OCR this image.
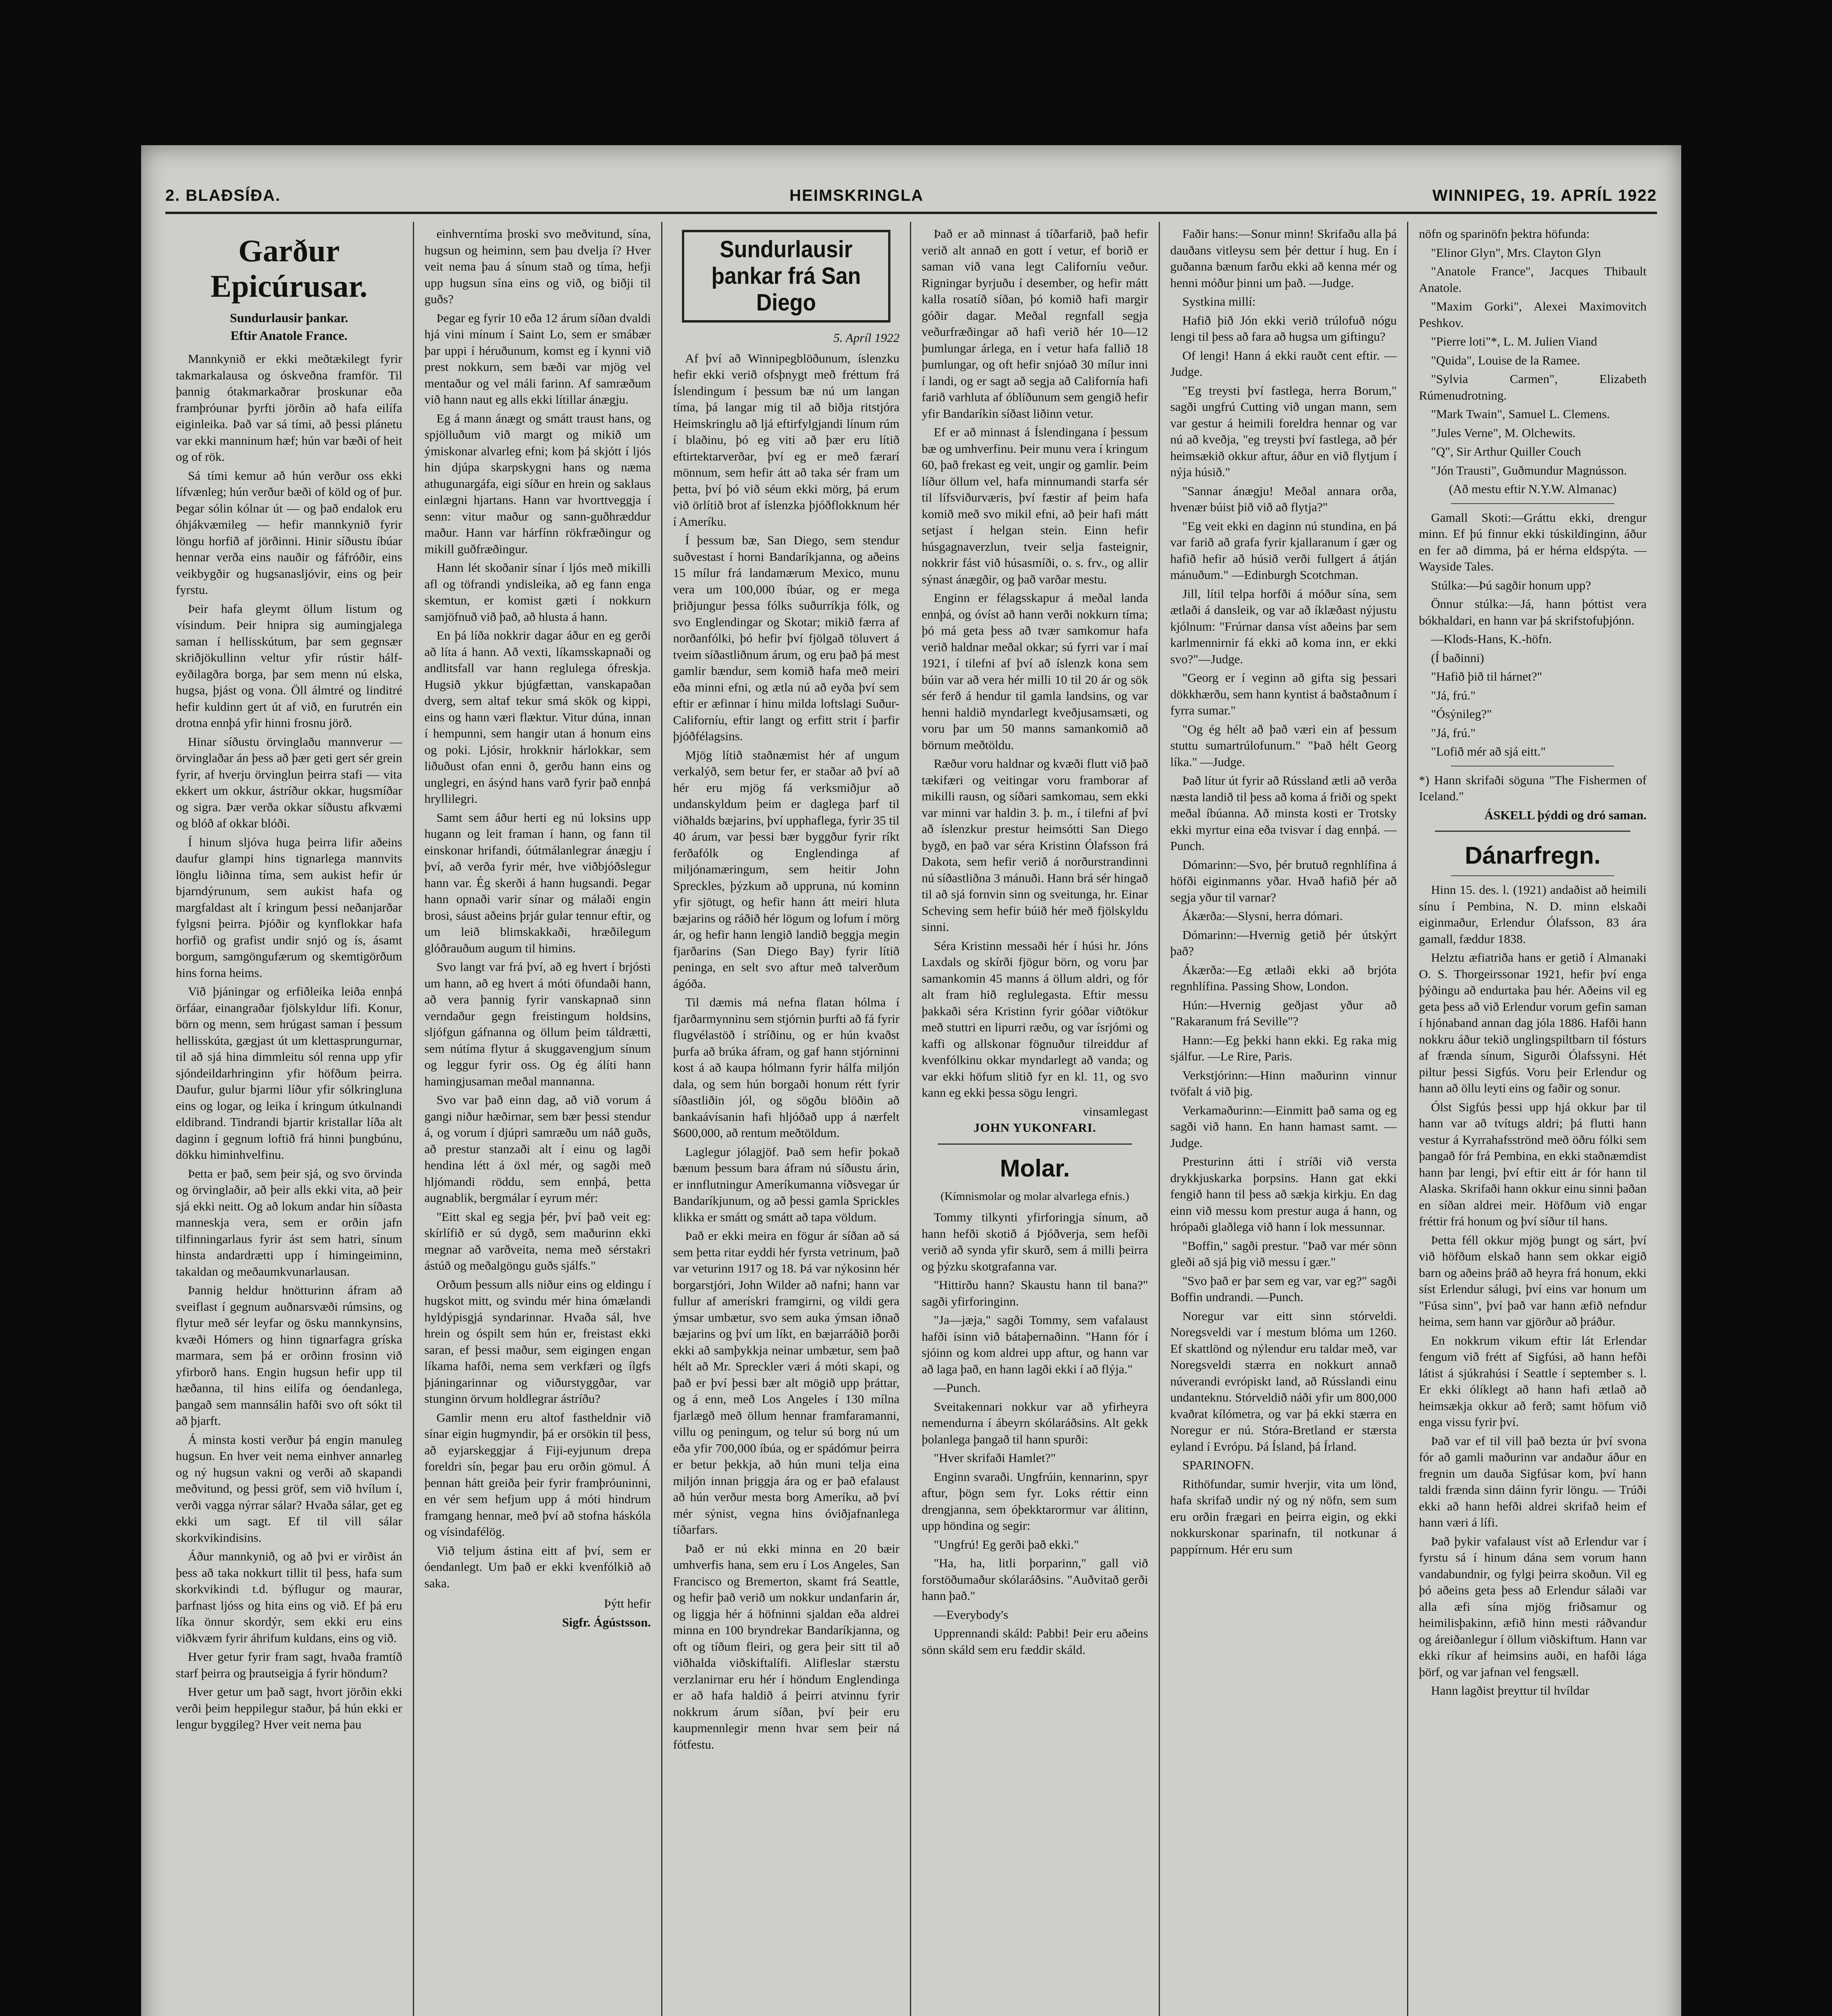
2. BLAÐSÍÐA.	HEIMSKRINGLA	WINNIPEG, 19. APRÍL 1922
Garður Epicúrusar.
Sundurlausir þankar.
Eftir Anatole France.

Mannkynið er ekki meðtækilegt fyrir takmarkalausa og óskveðna framför. Til þannig ótakmarkaðrar þroskunar eða framþróunar þyrfti jörðin að hafa eilífa eiginleika. Það var sá tími, að þessi plánetu var ekki manninum hæf; hún var bæði of heit og of rök.

Sá tími kemur að hún verður oss ekki lífvænleg; hún verður bæði of köld og of þur. Þegar sólin kólnar út — og það endalok eru óhjákvæmileg — hefir mannkynið fyrir löngu horfið af jörðinni. Hinir síðustu íbúar hennar verða eins nauðir og fáfróðir, eins veikbygðir og hugsanasljóvir, eins og þeir fyrstu.

Þeir hafa gleymt öllum listum og vísindum. Þeir hnipra sig aumingjalega saman í hellisskútum, þar sem gegnsær skriðjökullinn veltur yfir rústir hálf-eyðilagðra borga, þar sem menn nú elska, hugsa, þjást og vona. Öll álmtré og linditré hefir kuldinn gert út af við, en furutrén ein drotna ennþá yfir hinni frosnu jörð.

Hinar síðustu örvinglaðu mannverur — örvinglaðar án þess að þær geti gert sér grein fyrir, af hverju örvinglun þeirra stafi — vita ekkert um okkur, ástríður okkar, hugsmíðar og sigra. Þær verða okkar síðustu afkvæmi og blóð af okkar blóði.

Í hinum sljóva huga þeirra lifir aðeins daufur glampi hins tignarlega mannvits lönglu liðinna tíma, sem aukist hefir úr bjarndýrunum, sem aukist hafa og margfaldast alt í kringum þessi neðanjarðar fylgsni þeirra. Þjóðir og kynflokkar hafa horfið og grafist undir snjó og ís, ásamt borgum, samgöngufærum og skemtigörðum hins forna heims.

Við þjáningar og erfiðleika leiða ennþá örfáar, einangraðar fjölskyldur lífi. Konur, börn og menn, sem hrúgast saman í þessum hellisskúta, gægjast út um klettasprungurnar, til að sjá hina dimmleitu sól renna upp yfir sjóndeildarhringinn yfir höfðum þeirra. Daufur, gulur bjarmi líður yfir sólkringluna eins og logar, og leika í kringum útkulnandi eldibrand. Tindrandi bjartir kristallar líða alt daginn í gegnum loftið frá hinni þungbúnu, dökku himinhvelfinu.

Þetta er það, sem þeir sjá, og svo örvinda og örvinglaðir, að þeir alls ekki vita, að þeir sjá ekki neitt. Og að lokum andar hin síðasta manneskja vera, sem er orðin jafn tilfinningarlaus fyrir ást sem hatri, sínum hinsta andardrætti upp í himingeiminn, takaldan og meðaumkvunarlausan.

Þannig heldur hnötturinn áfram að sveiflast í gegnum auðnarsvæði rúmsins, og flytur með sér leyfar og ösku mannkynsins, kvæði Hómers og hinn tignarfagra gríska marmara, sem þá er orðinn frosinn við yfirborð hans. Engin hugsun hefir upp til hæðanna, til hins eilífa og óendanlega, þangað sem mannsálin hafði svo oft sókt til að þjarft.

Á minsta kosti verður þá engin manuleg hugsun. En hver veit nema einhver annarleg og ný hugsun vakni og verði að skapandi meðvitund, og þessi gröf, sem við hvílum í, verði vagga nýrrar sálar? Hvaða sálar, get eg ekki um sagt. Ef til vill sálar skorkvikindisins.

Áður mannkynið, og að þvi er virðist án þess að taka nokkurt tillit til þess, hafa sum skorkvikindi t.d. býflugur og maurar, þarfnast ljóss og hita eins og við. Ef þá eru líka önnur skordýr, sem ekki eru eins viðkvæm fyrir áhrifum kuldans, eins og við.

Hver getur fyrir fram sagt, hvaða framtíð starf þeirra og þrautseigja á fyrir höndum?

Hver getur um það sagt, hvort jörðin ekki verði þeim heppilegur staður, þá hún ekki er lengur byggileg? Hver veit nema þau

einhverntíma þroski svo meðvitund, sína, hugsun og heiminn, sem þau dvelja í? Hver veit nema þau á sínum stað og tíma, hefji upp hugsun sína eins og við, og biðji til guðs?

Þegar eg fyrir 10 eða 12 árum síðan dvaldi hjá vini mínum í Saint Lo, sem er smábær þar uppi í héruðunum, komst eg í kynni við prest nokkurn, sem bæði var mjög vel mentaður og vel máli farinn. Af samræðum við hann naut eg alls ekki lítillar ánægju.

Eg á mann ánægt og smátt traust hans, og spjölluðum við margt og mikið um ýmiskonar alvarleg efni; kom þá skjótt í ljós hin djúpa skarpskygni hans og næma athugunargáfa, eigi síður en hrein og saklaus einlægni hjartans. Hann var hvorttveggja í senn: vitur maður og sann-guðhræddur maður. Hann var hárfínn rökfræðingur og mikill guðfræðingur.

Hann lét skoðanir sínar í ljós með mikilli afl og töfrandi yndisleika, að eg fann enga skemtun, er komist gæti í nokkurn samjöfnuð við það, að hlusta á hann.

En þá líða nokkrir dagar áður en eg gerði að líta á hann. Að vexti, líkamsskapnaði og andlitsfall var hann reglulega ófreskja. Hugsið ykkur bjúgfættan, vanskapaðan dverg, sem altaf tekur smá skök og kippi, eins og hann væri flæktur. Vitur dúna, innan í hempunni, sem hangir utan á honum eins og poki. Ljósir, hrokknir hárlokkar, sem liðuðust ofan enni ð, gerðu hann eins og unglegri, en ásýnd hans varð fyrir það ennþá hryllilegri.

Samt sem áður herti eg nú loksins upp hugann og leit framan í hann, og fann til einskonar hrifandi, óútmálanlegrar ánægju í því, að verða fyrir mér, hve viðbjóðslegur hann var. Ég skerði á hann hugsandi. Þegar hann opnaði varir sínar og málaði engin brosi, sáust aðeins þrjár gular tennur eftir, og um leið blimskakkaði, hræðilegum glóðrauðum augum til himins.

Svo langt var frá því, að eg hvert í brjósti um hann, að eg hvert á móti öfundaði hann, að vera þannig fyrir vanskapnað sinn verndaður gegn freistingum holdsins, sljófgun gáfnanna og öllum þeim táldrætti, sem nútíma flytur á skuggavengjum sínum og leggur fyrir oss. Og ég álíti hann hamingjusaman meðal mannanna.

Svo var það einn dag, að við vorum á gangi niður hæðirnar, sem bær þessi stendur á, og vorum í djúpri samræðu um náð guðs, að prestur stanzaði alt í einu og lagði hendina létt á öxl mér, og sagði með hljómandi röddu, sem ennþá, þetta augnablik, bergmálar í eyrum mér:

"Eitt skal eg segja þér, því það veit eg: skírlífið er sú dygð, sem maðurinn ekki megnar að varðveita, nema með sérstakri ástúð og meðalgöngu guðs sjálfs."

Orðum þessum alls niður eins og eldingu í hugskot mitt, og svindu mér hina ómælandi hyldýpisgjá syndarinnar. Hvaða sál, hve hrein og óspilt sem hún er, freistast ekki saran, ef þessi maður, sem eigingen engan líkama hafði, nema sem verkfæri og ílgfs þjáningarinnar og viðurstyggðar, var stunginn örvum holdlegrar ástríðu?

Gamlir menn eru altof fastheldnir við sínar eigin hugmyndir, þá er orsökin til þess, að eyjarskeggjar á Fiji-eyjunum drepa foreldri sín, þegar þau eru orðin gömul. Á þennan hátt greiða þeir fyrir framþróuninni, en vér sem hefjum upp á móti hindrum framgang hennar, með því að stofna háskóla og vísindafélög.

Við teljum ástina eitt af því, sem er óendanlegt. Um það er ekki kvenfólkið að saka.

Þýtt hefir
Sigfr. Ágústsson.
Sundurlausir þankar frá San Diego
5. Apríl 1922

Af því að Winnipegblöðunum, íslenzku hefir ekki verið ofsþnygt með fréttum frá Íslendingum í þessum bæ nú um langan tíma, þá langar mig til að biðja ritstjóra Heimskringlu að ljá eftirfylgjandi línum rúm í blaðinu, þó eg viti að þær eru lítið eftirtektarverðar, því eg er með færarí mönnum, sem hefir átt að taka sér fram um þetta, því þó við séum ekki mörg, þá erum við örlítið brot af íslenzka þjóðflokknum hér í Ameríku.

Í þessum bæ, San Diego, sem stendur suðvestast í horni Bandaríkjanna, og aðeins 15 mílur frá landamærum Mexico, munu vera um 100,000 íbúar, og er mega þriðjungur þessa fólks suðurríkja fólk, og svo Englendingar og Skotar; mikið færra af norðanfólki, þó hefir því fjölgað töluvert á tveim síðastliðnum árum, og eru það þá mest gamlir bændur, sem komið hafa með meiri eða minni efni, og ætla nú að eyða því sem eftir er æfinnar í hinu milda loftslagi Suður-Californíu, eftir langt og erfitt strit í þarfir þjóðfélagsins.

Mjög lítið staðnæmist hér af ungum verkalýð, sem betur fer, er staðar að því að hér eru mjög fá verksmiðjur að undanskyldum þeim er daglega þarf til viðhalds bæjarins, því upphaflega, fyrir 35 til 40 árum, var þessi bær byggður fyrir ríkt ferðafólk og Englendinga af miljónamæringum, sem heitir John Spreckles, þýzkum að uppruna, nú kominn yfir sjötugt, og hefir hann átt meiri hluta bæjarins og ráðið hér lögum og lofum í mörg ár, og hefir hann lengið landið beggja megin fjarðarins (San Diego Bay) fyrir lítið peninga, en selt svo aftur með talverðum ágóða.

Til dæmis má nefna flatan hólma í fjarðarmynninu sem stjórnin þurfti að fá fyrir flugvélastöð í stríðinu, og er hún kvaðst þurfa að brúka áfram, og gaf hann stjórninni kost á að kaupa hólmann fyrir hálfa miljón dala, og sem hún borgaði honum rétt fyrir síðastliðin jól, og sögðu blöðin að bankaávísanin hafi hljóðað upp á nærfelt $600,000, að rentum meðtöldum.

Laglegur jólagjöf. Það sem hefir þokað bænum þessum bara áfram nú síðustu árin, er innflutningur Ameríkumanna víðsvegar úr Bandaríkjunum, og að þessi gamla Sprickles klikka er smátt og smátt að tapa völdum.

Það er ekki meira en fögur ár síðan að sá sem þetta ritar eyddi hér fyrsta vetrinum, það var veturinn 1917 og 18. Þá var nýkosinn hér borgarstjóri, John Wilder að nafni; hann var fullur af amerískri framgirni, og vildi gera ýmsar umbætur, svo sem auka ýmsan iðnað bæjarins og því um líkt, en bæjarráðið þorði ekki að samþykkja neinar umbætur, sem það hélt að Mr. Spreckler væri á móti skapi, og það er því þessi bær alt mögið upp þráttar, og á enn, með Los Angeles í 130 mílna fjarlægð með öllum hennar framfaramanni, villu og peningum, og telur sú borg nú um eða yfir 700,000 íbúa, og er spádómur þeirra er betur þekkja, að hún muni telja eina miljón innan þriggja ára og er það efalaust að hún verður mesta borg Ameríku, að því mér sýnist, vegna hins óviðjafnanlega tíðarfars.

Það er nú ekki minna en 20 bæir umhverfis hana, sem eru í Los Angeles, San Francisco og Bremerton, skamt frá Seattle, og hefir það verið um nokkur undanfarin ár, og liggja hér á höfninni sjaldan eða aldrei minna en 100 bryndrekar Bandaríkjanna, og oft og tíðum fleiri, og gera þeir sitt til að viðhalda viðskiftalífi. Alifleslar stærstu verzlanirnar eru hér í höndum Englendinga er að hafa haldið á þeirri atvinnu fyrir nokkrum árum síðan, því þeir eru kaupmennlegir menn hvar sem þeir ná fótfestu.

Það er að minnast á tíðarfarið, það hefir verið alt annað en gott í vetur, ef borið er saman við vana legt Californíu veður. Rigningar byrjuðu í desember, og hefir mátt kalla rosatíð síðan, þó komið hafi margir góðir dagar. Meðal regnfall segja veðurfræðingar að hafi verið hér 10—12 þumlungar árlega, en í vetur hafa fallið 18 þumlungar, og oft hefir snjóað 30 mílur inni í landi, og er sagt að segja að Californía hafi farið varhluta af óblíðunum sem gengið hefir yfir Bandaríkin síðast liðinn vetur.

Ef er að minnast á Íslendingana í þessum bæ og umhverfinu. Þeir munu vera í kringum 60, það frekast eg veit, ungir og gamlir. Þeim líður öllum vel, hafa minnumandi starfa sér til lífsviðurværis, því fæstir af þeim hafa komið með svo mikil efni, að þeir hafi mátt setjast í helgan stein. Einn hefir húsgagnaverzlun, tveir selja fasteignir, nokkrir fást við húsasmíði, o. s. frv., og allir sýnast ánægðir, og það varðar mestu.

Enginn er félagsskapur á meðal landa ennþá, og óvíst að hann verði nokkurn tíma; þó má geta þess að tvær samkomur hafa verið haldnar meðal okkar; sú fyrri var í maí 1921, í tilefni af því að íslenzk kona sem búin var að vera hér milli 10 til 20 ár og sök sér ferð á hendur til gamla landsins, og var henni haldið myndarlegt kveðjusamsæti, og voru þar um 50 manns samankomið að börnum meðtöldu.

Ræður voru haldnar og kvæði flutt við það tækifæri og veitingar voru framborar af mikilli rausn, og síðari samkomau, sem ekki var minni var haldin 3. þ. m., í tilefni af því að íslenzkur prestur heimsótti San Diego bygð, en það var séra Kristinn Ólafsson frá Dakota, sem hefir verið á norðurstrandinni nú síðastliðna 3 mánuði. Hann brá sér hingað til að sjá fornvin sinn og sveitunga, hr. Einar Scheving sem hefir búið hér með fjölskyldu sinni.

Séra Kristinn messaði hér í húsi hr. Jóns Laxdals og skírði fjögur börn, og voru þar samankomin 45 manns á öllum aldri, og fór alt fram hið reglulegasta. Eftir messu þakkaði séra Kristinn fyrir góðar viðtökur með stuttri en lipurri ræðu, og var ísrjómi og kaffi og allskonar fögnuður tilreiddur af kvenfólkinu okkar myndarlegt að vanda; og var ekki höfum slitið fyr en kl. 11, og svo kann eg ekki þessa sögu lengri.

vinsamlegast
JOHN YUKONFARI.
Molar.
(Kímnismolar og molar alvarlega efnis.)

Tommy tilkynti yfirforingja sínum, að hann hefði skotið á Þjóðverja, sem hefði verið að synda yfir skurð, sem á milli þeirra og þýzku skotgrafanna var.

"Hittirðu hann? Skaustu hann til bana?" sagði yfirforinginn.

"Ja—jæja," sagði Tommy, sem vafalaust hafði ísinn við bátaþernaðinn. "Hann fór í sjóinn og kom aldrei upp aftur, og hann var að laga það, en hann lagði ekki í að flýja."

—Punch.

Sveitakennari nokkur var að yfirheyra nemendurna í ábeyrn skólaráðsins. Alt gekk þolanlega þangað til hann spurði:

"Hver skrifaði Hamlet?"

Enginn svaraði. Ungfrúin, kennarinn, spyr aftur, þögn sem fyr. Loks réttir einn drengjanna, sem óþekktarormur var álitinn, upp höndina og segir:

"Ungfrú! Eg gerði það ekki."

"Ha, ha, litli þorparinn," gall við forstöðumaður skólaráðsins. "Auðvitað gerði hann það."

—Everybody's

Upprennandi skáld: Pabbi! Þeir eru aðeins sönn skáld sem eru fæddir skáld.

Faðir hans:—Sonur minn! Skrifaðu alla þá dauðans vitleysu sem þér dettur í hug. En í guðanna bænum farðu ekki að kenna mér og henni móður þinni um það. —Judge.

Systkina millí:

Hafið þið Jón ekki verið trúlofuð nógu lengi til þess að fara að hugsa um giftingu?

Of lengi! Hann á ekki rauðt cent eftir. —Judge.

"Eg treysti því fastlega, herra Borum," sagði ungfrú Cutting við ungan mann, sem var gestur á heimili foreldra hennar og var nú að kveðja, "eg treysti því fastlega, að þér heimsækið okkur aftur, áður en við flytjum í nýja húsið."

"Sannar ánægju! Meðal annara orða, hvenær búist þið við að flytja?"

"Eg veit ekki en daginn nú stundina, en þá var farið að grafa fyrir kjallaranum í gær og hafið hefir að húsið verði fullgert á átján mánuðum." —Edinburgh Scotchman.

Jill, lítil telpa horfði á móður sína, sem ætlaði á dansleik, og var að íklæðast nýjustu kjólnum: "Frúrnar dansa víst aðeins þar sem karlmennirnir fá ekki að koma inn, er ekki svo?"—Judge.

"Georg er í veginn að gifta sig þessari dökkhærðu, sem hann kyntist á baðstaðnum í fyrra sumar."

"Og ég hélt að það væri ein af þessum stuttu sumartrúlofunum." "Það hélt Georg líka." —Judge.

Það lítur út fyrir að Rússland ætli að verða næsta landið til þess að koma á friði og spekt meðal íbúanna. Að minsta kosti er Trotsky ekki myrtur eina eða tvisvar í dag ennþá. —Punch.

Dómarinn:—Svo, þér brutuð regnhlífina á höfði eiginmanns yðar. Hvað hafið þér að segja yður til varnar?

Ákærða:—Slysni, herra dómari.

Dómarinn:—Hvernig getið þér útskýrt það?

Ákærða:—Eg ætlaði ekki að brjóta regnhlífina. Passing Show, London.

Hún:—Hvernig geðjast yður að "Rakaranum frá Seville"?

Hann:—Eg þekki hann ekki. Eg raka mig sjálfur. —Le Rire, Paris.

Verkstjórinn:—Hinn maðurinn vinnur tvöfalt á við þig.

Verkamaðurinn:—Einmitt það sama og eg sagði við hann. En hann hamast samt. —Judge.

Presturinn átti í stríði við versta drykkjuskarka þorpsins. Hann gat ekki fengið hann til þess að sækja kirkju. En dag einn við messu kom prestur auga á hann, og hrópaði glaðlega við hann í lok messunnar.

"Boffin," sagði prestur. "Það var mér sönn gleði að sjá þig við messu í gær."

"Svo það er þar sem eg var, var eg?" sagði Boffin undrandi. —Punch.

Noregur var eitt sinn stórveldi. Noregsveldi var í mestum blóma um 1260. Ef skattlönd og nýlendur eru taldar með, var Noregsveldi stærra en nokkurt annað núverandi evrópiskt land, að Rússlandi einu undanteknu. Stórveldið náði yfir um 800,000 kvaðrat kílómetra, og var þá ekki stærra en Noregur er nú. Stóra-Bretland er stærsta eyland í Evrópu. Þá Ísland, þá Írland.

SPARINOFN.

Rithöfundar, sumir hverjir, vita um lönd, hafa skrifað undir ný og ný nöfn, sem sum eru orðin frægari en þeirra eigin, og ekki nokkurskonar sparinafn, til notkunar á pappírnum. Hér eru sum

nöfn og sparinöfn þektra höfunda:

"Elinor Glyn", Mrs. Clayton Glyn

"Anatole France", Jacques Thibault Anatole.

"Maxim Gorki", Alexei Maximovitch Peshkov.

"Pierre loti"*, L. M. Julien Viand

"Quida", Louise de la Ramee.

"Sylvia Carmen", Elizabeth Rúmenudrotning.

"Mark Twain", Samuel L. Clemens.

"Jules Verne", M. Olchewits.

"Q", Sir Arthur Quiller Couch

"Jón Trausti", Guðmundur Magnússon.

(Að mestu eftir N.Y.W. Almanac)

Gamall Skoti:—Gráttu ekki, drengur minn. Ef þú finnur ekki túskildinginn, áður en fer að dimma, þá er hérna eldspýta. —Wayside Tales.

Stúlka:—Þú sagðir honum upp?

Önnur stúlka:—Já, hann þóttist vera bókhaldari, en hann var þá skrifstofuþjónn.

—Klods-Hans, K.-höfn.

(Í baðinni)

"Hafið þið til hárnet?"

"Já, frú."

"Ósýnileg?"

"Já, frú."

"Lofið mér að sjá eitt."

*) Hann skrifaði söguna "The Fishermen of Iceland."

ÁSKELL þýddi og dró saman.
Dánarfregn.

Hinn 15. des. l. (1921) andaðist að heimili sínu í Pembina, N. D. minn elskaði eiginmaður, Erlendur Ólafsson, 83 ára gamall, fæddur 1838.

Helztu æfiatriða hans er getið í Almanaki O. S. Thorgeirssonar 1921, hefir því enga þýðingu að endurtaka þau hér. Aðeins vil eg geta þess að við Erlendur vorum gefin saman í hjónaband annan dag jóla 1886. Hafði hann nokkru áður tekið unglingspiltbarn til fósturs af frænda sínum, Sigurði Ólafssyni. Hét piltur þessi Sigfús. Voru þeir Erlendur og hann að öllu leyti eins og faðir og sonur.

Ólst Sigfús þessi upp hjá okkur þar til hann var að tvítugs aldri; þá flutti hann vestur á Kyrrahafsströnd með öðru fólki sem þangað fór frá Pembina, en ekki staðnæmdist hann þar lengi, því eftir eitt ár fór hann til Alaska. Skrifaði hann okkur einu sinni þaðan en síðan aldrei meir. Höfðum við engar fréttir frá honum og því síður til hans.

Þetta féll okkur mjög þungt og sárt, því við höfðum elskað hann sem okkar eigið barn og aðeins þráð að heyra frá honum, ekki síst Erlendur sálugi, því eins var honum um "Fúsa sinn", því það var hann æfið nefndur heima, sem hann var gjörður að þráður.

En nokkrum vikum eftir lát Erlendar fengum við frétt af Sigfúsi, að hann hefði látist á sjúkrahúsi í Seattle í september s. l. Er ekki ólíklegt að hann hafi ætlað að heimsækja okkur að ferð; samt höfum við enga vissu fyrir því.

Það var ef til vill það bezta úr því svona fór að gamli maðurinn var andaður áður en fregnin um dauða Sigfúsar kom, því hann taldi frænda sinn dáinn fyrir löngu. — Trúði ekki að hann hefði aldrei skrifað heim ef hann væri á lífi.

Það þykir vafalaust víst að Erlendur var í fyrstu sá í hinum dána sem vorum hann vandabundnir, og fylgi þeirra skoðun. Vil eg þó aðeins geta þess að Erlendur sálaði var alla æfi sína mjög friðsamur og heimilisþakinn, æfið hinn mesti ráðvandur og áreiðanlegur í öllum viðskiftum. Hann var ekki ríkur af heimsins auði, en hafði lága þörf, og var jafnan vel fengsæll.

Hann lagðist þreyttur til hvíldar
